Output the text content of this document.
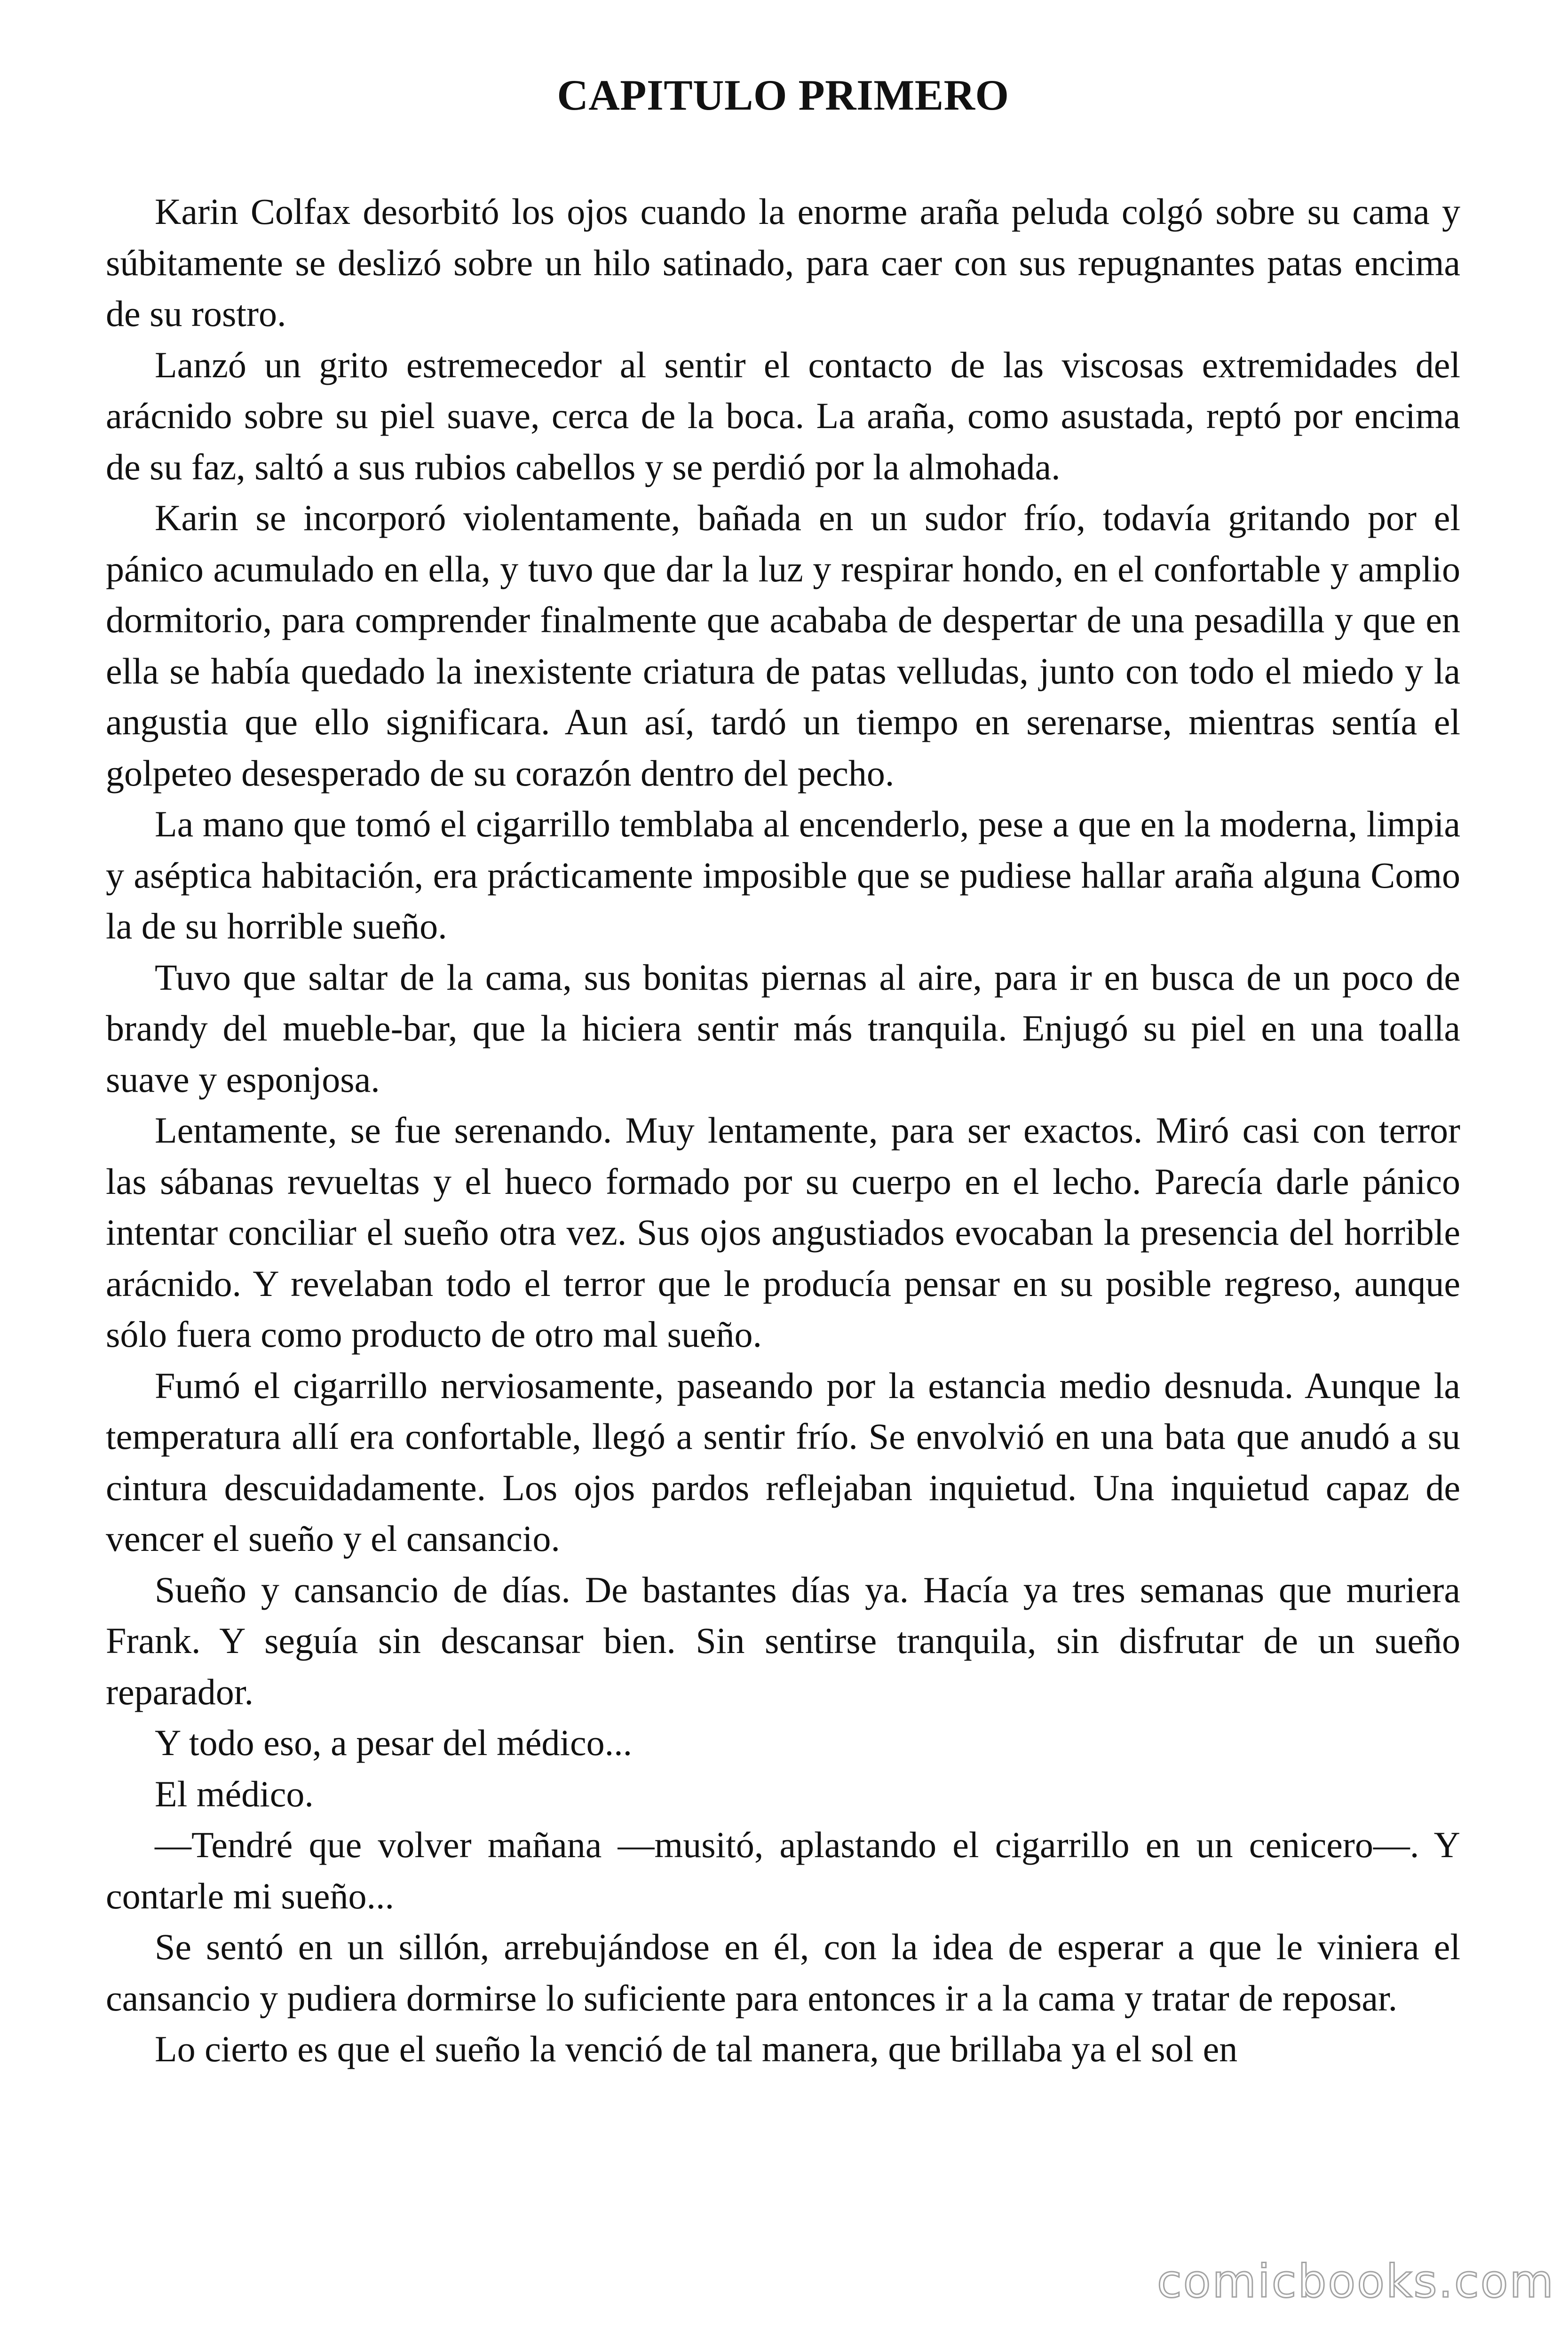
CAPITULO PRIMERO

Karin Colfax desorbitó los ojos cuando la enorme araña peluda colgó sobre su cama y súbitamente se deslizó sobre un hilo satinado, para caer con sus repugnantes patas encima de su rostro.

Lanzó un grito estremecedor al sentir el contacto de las viscosas extremidades del arácnido sobre su piel suave, cerca de la boca. La araña, como asustada, reptó por encima de su faz, saltó a sus rubios cabellos y se perdió por la almohada.

Karin se incorporó violentamente, bañada en un sudor frío, todavía gritando por el pánico acumulado en ella, y tuvo que dar la luz y respirar hondo, en el confortable y amplio dormitorio, para comprender finalmente que acababa de despertar de una pesadilla y que en ella se había quedado la inexistente criatura de patas velludas, junto con todo el miedo y la angustia que ello significara. Aun así, tardó un tiempo en serenarse, mientras sentía el golpeteo desesperado de su corazón dentro del pecho.

La mano que tomó el cigarrillo temblaba al encenderlo, pese a que en la moderna, limpia y aséptica habitación, era prácticamente imposible que se pudiese hallar araña alguna Como la de su horrible sueño.

Tuvo que saltar de la cama, sus bonitas piernas al aire, para ir en busca de un poco de brandy del mueble-bar, que la hiciera sentir más tranquila. Enjugó su piel en una toalla suave y esponjosa.

Lentamente, se fue serenando. Muy lentamente, para ser exactos. Miró casi con terror las sábanas revueltas y el hueco formado por su cuerpo en el lecho. Parecía darle pánico intentar conciliar el sueño otra vez. Sus ojos angustiados evocaban la presencia del horrible arácnido. Y revelaban todo el terror que le producía pensar en su posible regreso, aunque sólo fuera como producto de otro mal sueño.

Fumó el cigarrillo nerviosamente, paseando por la estancia medio desnuda. Aunque la temperatura allí era confortable, llegó a sentir frío. Se envolvió en una bata que anudó a su cintura descuidadamente. Los ojos pardos reflejaban inquietud. Una inquietud capaz de vencer el sueño y el cansancio.

Sueño y cansancio de días. De bastantes días ya. Hacía ya tres semanas que muriera Frank. Y seguía sin descansar bien. Sin sentirse tranquila, sin disfrutar de un sueño reparador.

Y todo eso, a pesar del médico...

El médico.

—Tendré que volver mañana —musitó, aplastando el cigarrillo en un cenicero—. Y contarle mi sueño...

Se sentó en un sillón, arrebujándose en él, con la idea de esperar a que le viniera el cansancio y pudiera dormirse lo suficiente para entonces ir a la cama y tratar de reposar.

Lo cierto es que el sueño la venció de tal manera, que brillaba ya el sol en

comicbooks.com
